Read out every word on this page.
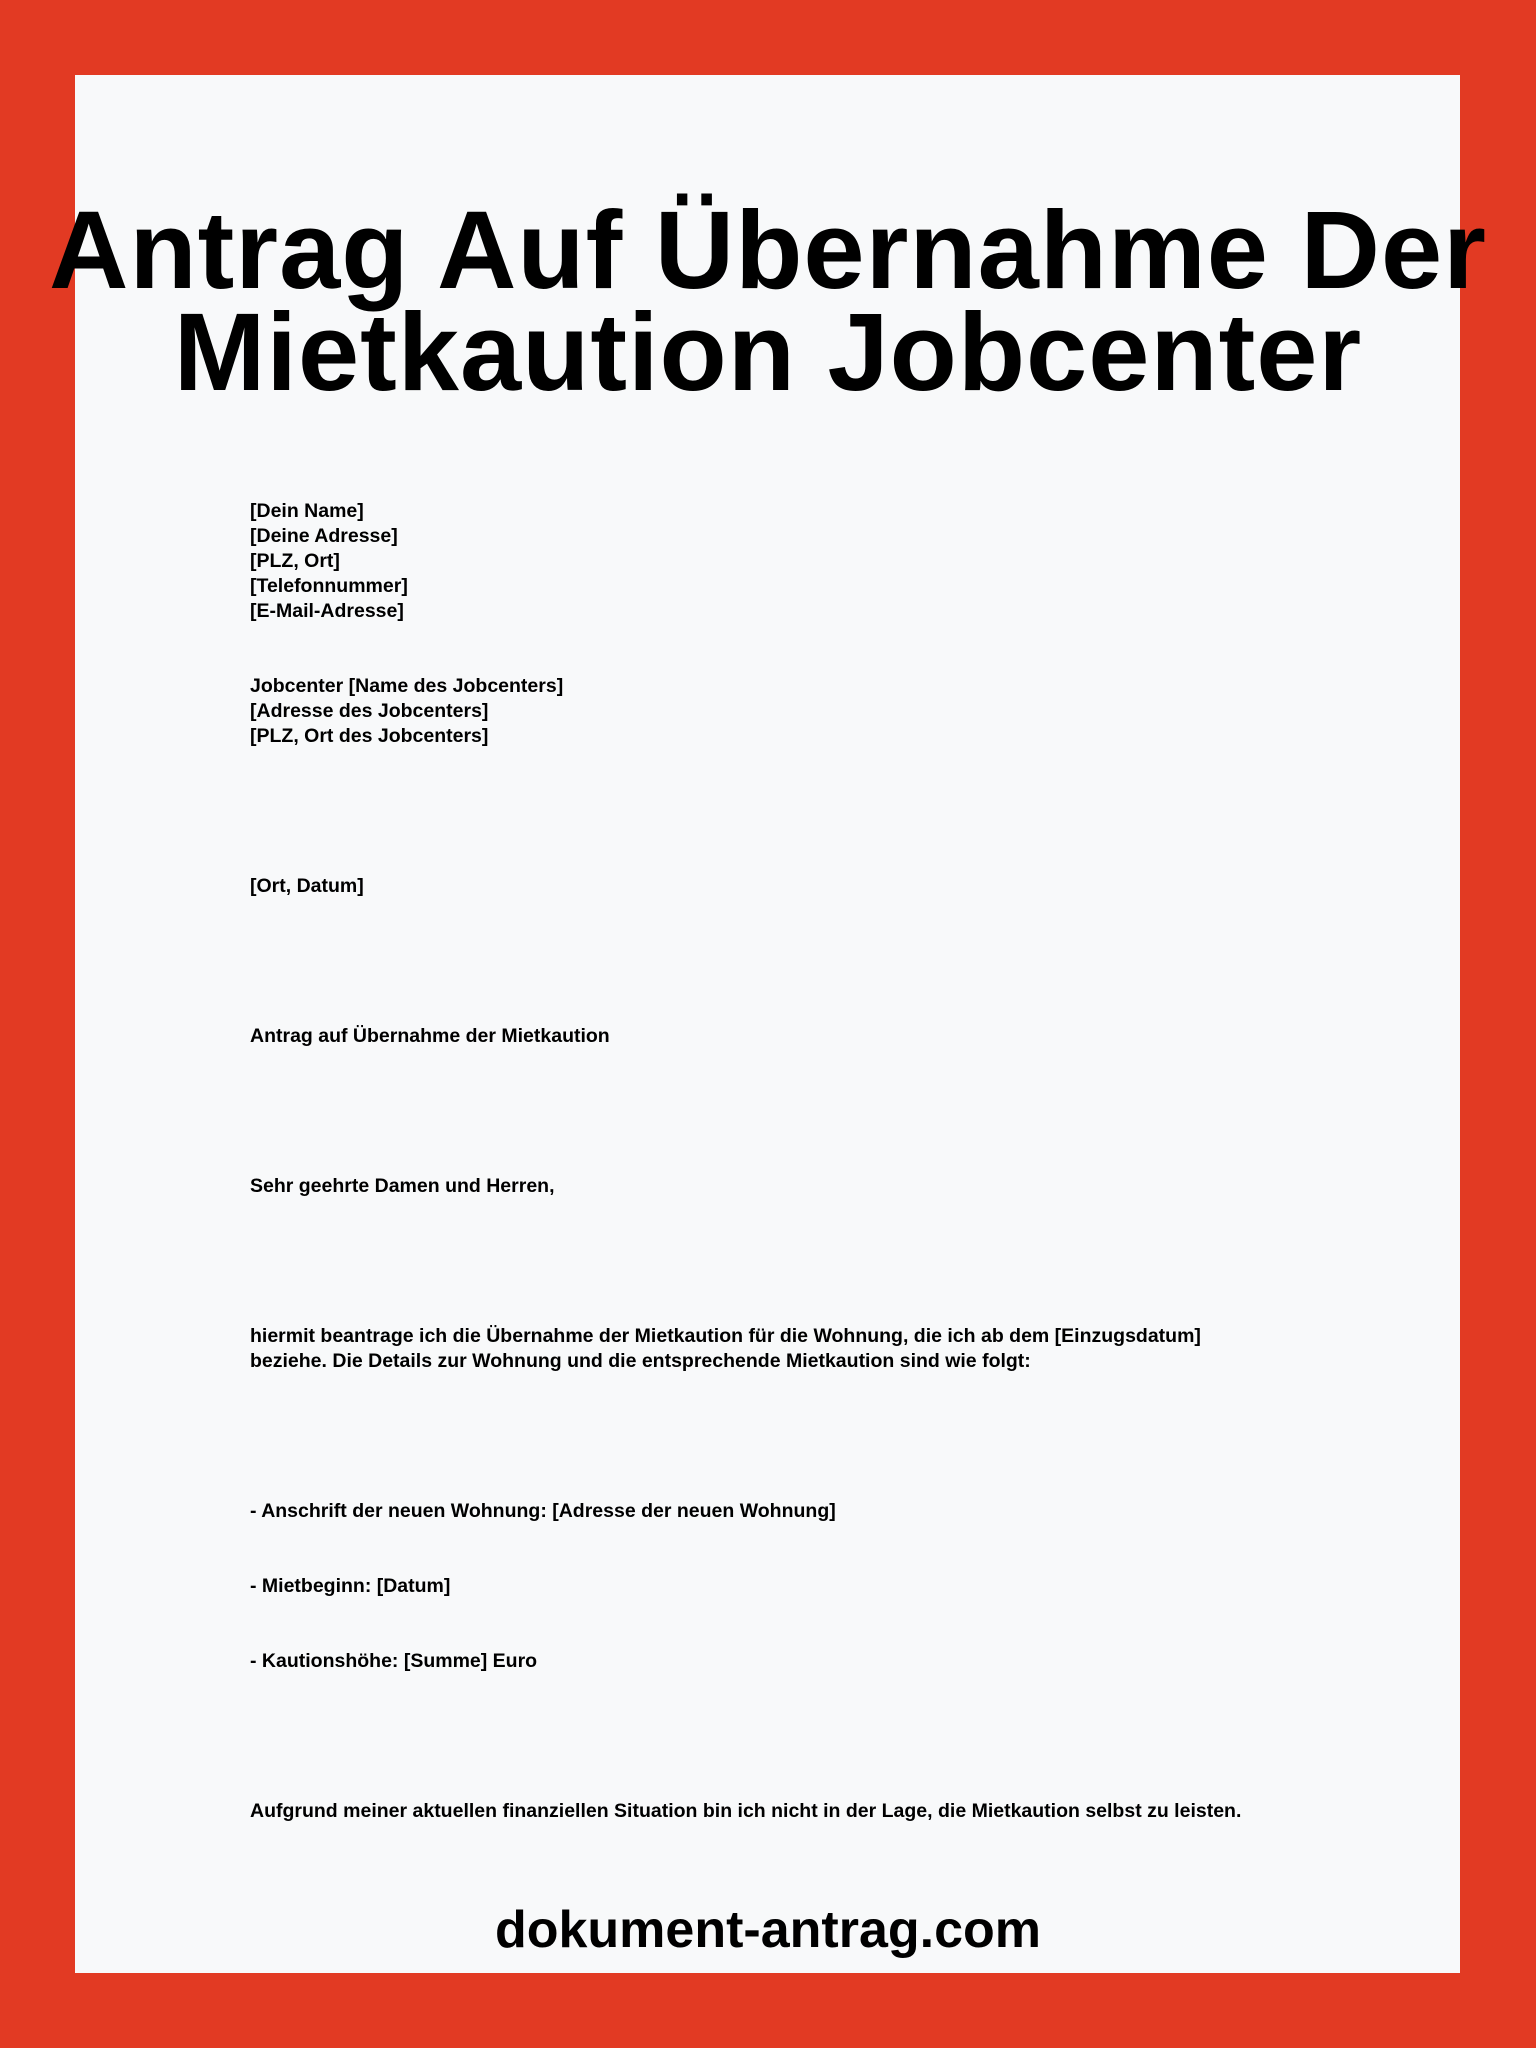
Antrag Auf Übernahme Der
Mietkaution Jobcenter
[Dein Name]
[Deine Adresse]
[PLZ, Ort]
[Telefonnummer]
[E-Mail-Adresse]
Jobcenter [Name des Jobcenters]
[Adresse des Jobcenters]
[PLZ, Ort des Jobcenters]
[Ort, Datum]
Antrag auf Übernahme der Mietkaution
Sehr geehrte Damen und Herren,
hiermit beantrage ich die Übernahme der Mietkaution für die Wohnung, die ich ab dem [Einzugsdatum]
beziehe. Die Details zur Wohnung und die entsprechende Mietkaution sind wie folgt:
- Anschrift der neuen Wohnung: [Adresse der neuen Wohnung]
- Mietbeginn: [Datum]
- Kautionshöhe: [Summe] Euro
Aufgrund meiner aktuellen finanziellen Situation bin ich nicht in der Lage, die Mietkaution selbst zu leisten.
dokument-antrag.com
